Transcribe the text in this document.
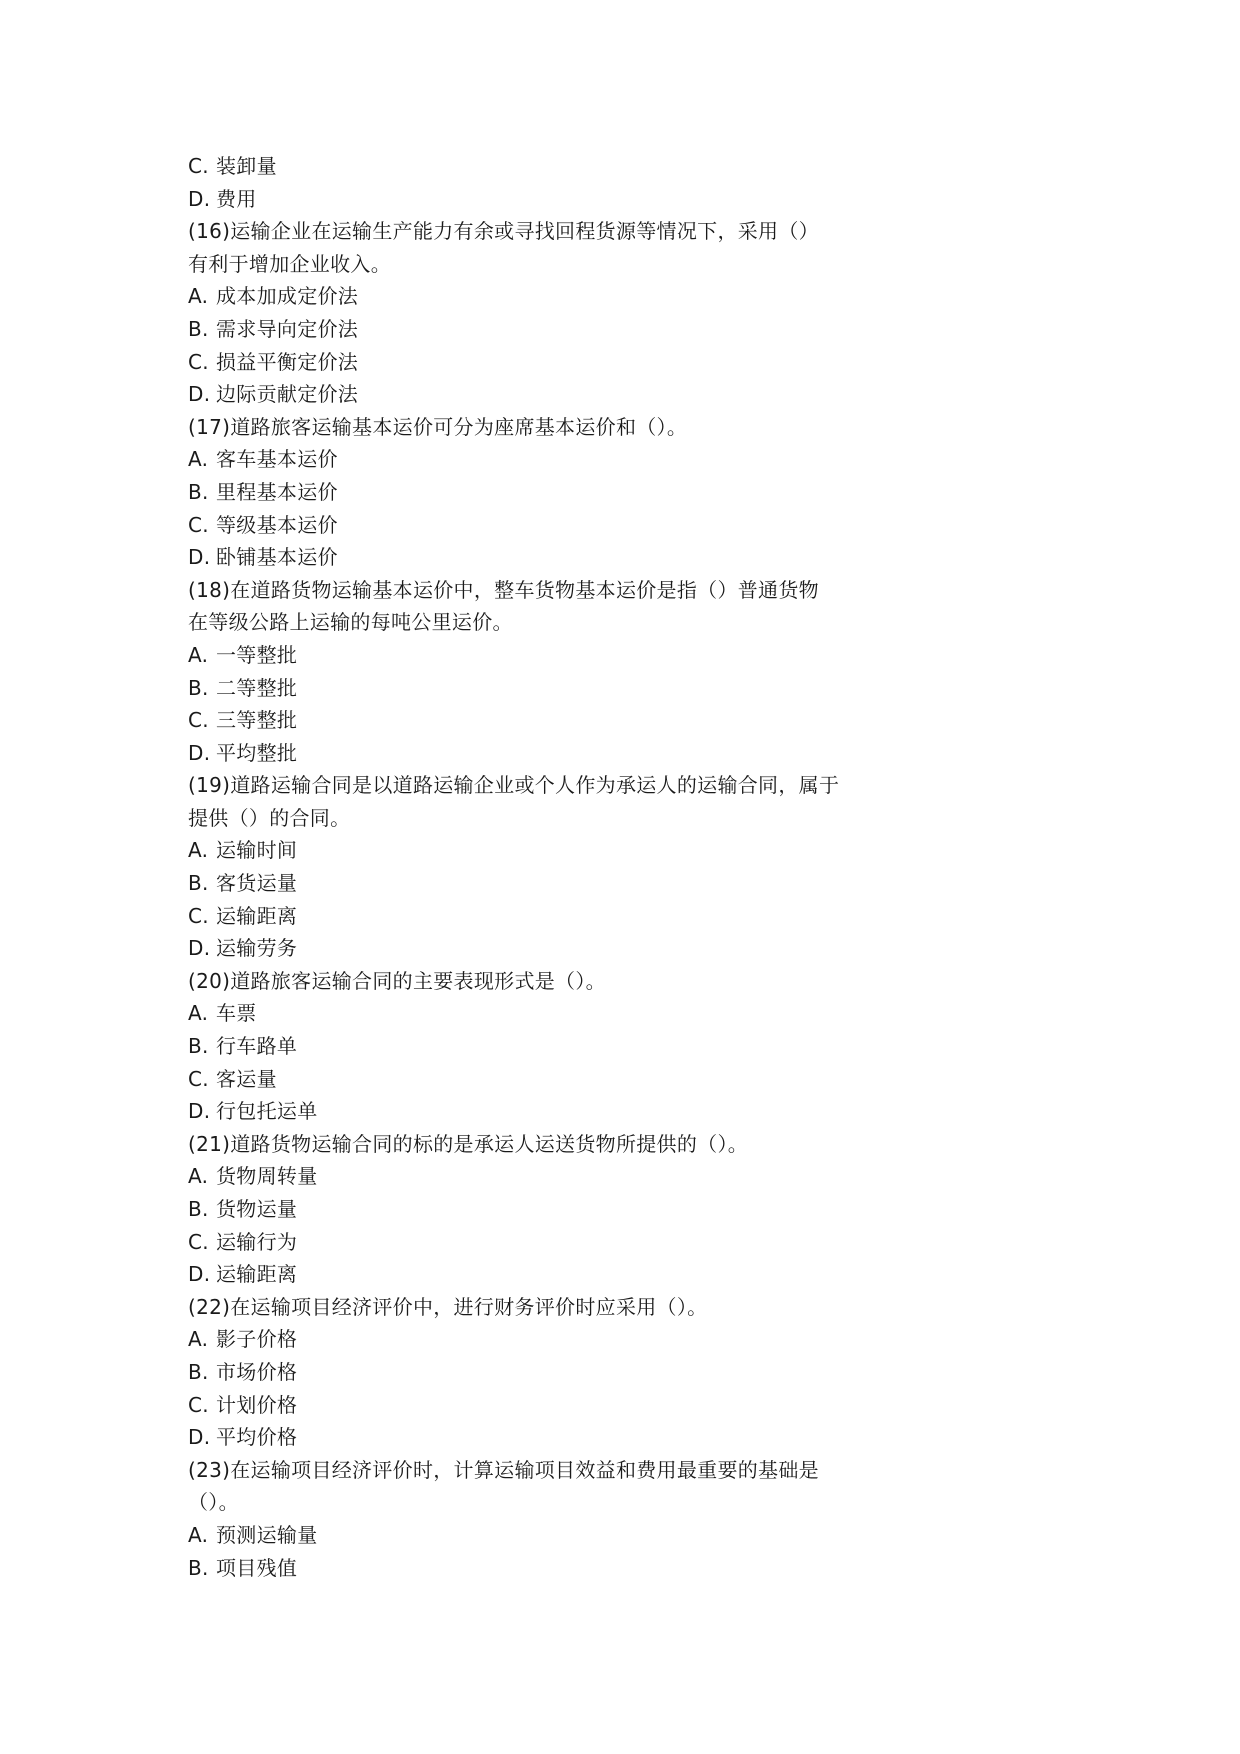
C. 装卸量
D. 费用
(16)运输企业在运输生产能力有余或寻找回程货源等情况下，采用（）
有利于增加企业收入。
A. 成本加成定价法
B. 需求导向定价法
C. 损益平衡定价法
D. 边际贡献定价法
(17)道路旅客运输基本运价可分为座席基本运价和（）。
A. 客车基本运价
B. 里程基本运价
C. 等级基本运价
D. 卧铺基本运价
(18)在道路货物运输基本运价中，整车货物基本运价是指（）普通货物
在等级公路上运输的每吨公里运价。
A. 一等整批
B. 二等整批
C. 三等整批
D. 平均整批
(19)道路运输合同是以道路运输企业或个人作为承运人的运输合同，属于
提供（）的合同。
A. 运输时间
B. 客货运量
C. 运输距离
D. 运输劳务
(20)道路旅客运输合同的主要表现形式是（）。
A. 车票
B. 行车路单
C. 客运量
D. 行包托运单
(21)道路货物运输合同的标的是承运人运送货物所提供的（）。
A. 货物周转量
B. 货物运量
C. 运输行为
D. 运输距离
(22)在运输项目经济评价中，进行财务评价时应采用（）。
A. 影子价格
B. 市场价格
C. 计划价格
D. 平均价格
(23)在运输项目经济评价时，计算运输项目效益和费用最重要的基础是
（）。
A. 预测运输量
B. 项目残值
